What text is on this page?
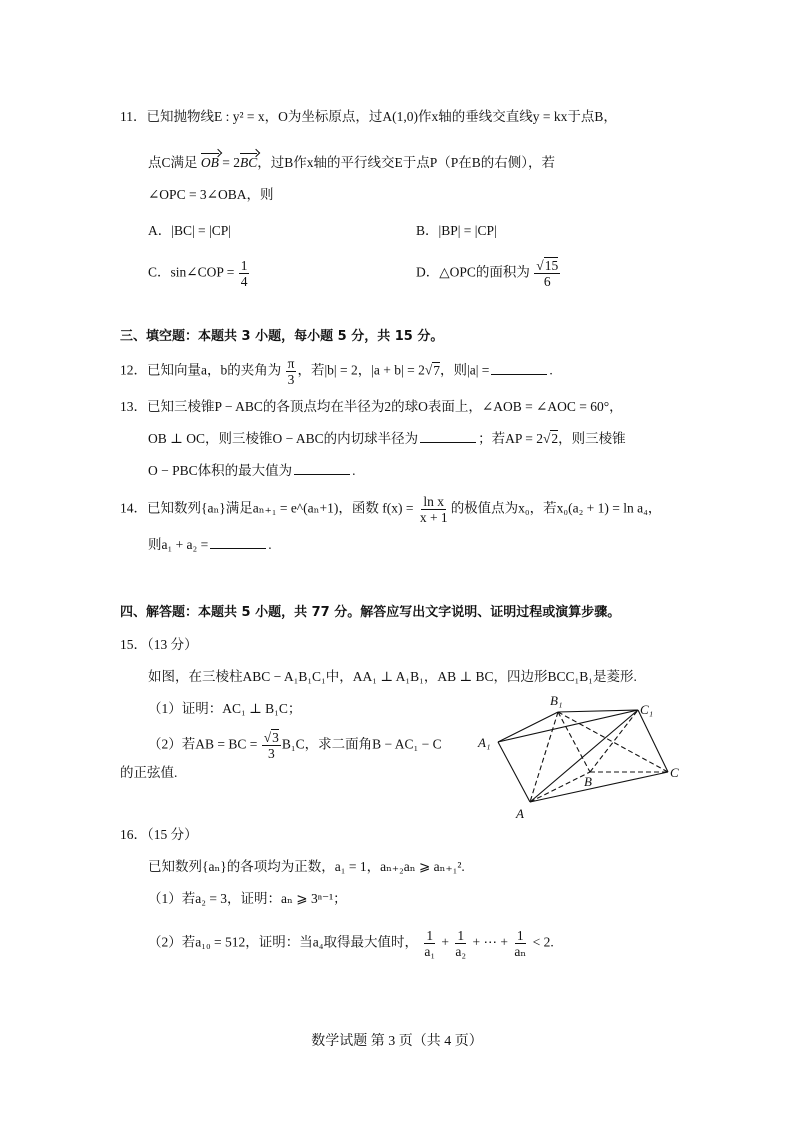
11．已知抛物线E : y² = x，O为坐标原点，过A(1,0)作x轴的垂线交直线y = kx于点B，
点C满足 OB = 2BC，过B作x轴的平行线交E于点P（P在B的右侧），若
∠OPC = 3∠OBA，则
A．|BC| = |CP|	B．|BP| = |CP|
C．sin∠COP = $\frac{1}{4}$	D．△OPC的面积为 $\frac{√15}{6}$
三、填空题：本题共 3 小题，每小题 5 分，共 15 分。
12．已知向量a，b的夹角为 $\frac{\pi}{3}$ ，若|b| = 2，|a + b| = 2√7，则|a| =	.
13．已知三棱锥P − ABC的各顶点均在半径为2的球O表面上，∠AOB = ∠AOC = 60°，
OB ⊥ OC，则三棱锥O − ABC的内切球半径为	；若AP = 2√2，则三棱锥
O − PBC体积的最大值为	.
14．已知数列{aₙ}满足aₙ₊₁ = e^(aₙ+1)，函数 $f(x) = \frac{\text{ln x}}{x + 1}$ 的极值点为x₀，若x₀(a₂ + 1) = ln a₄，
则a₁ + a₂ =	.
四、解答题：本题共 5 小题，共 77 分。解答应写出文字说明、证明过程或演算步骤。
15．（13 分）
如图，在三棱柱ABC − A₁B₁C₁中，AA₁ ⊥ A₁B₁，AB ⊥ BC，四边形BCC₁B₁是菱形.
（1）证明：AC₁ ⊥ B₁C；
（2）若AB = BC = $\frac{√3}{3} B_1C$，求二面角B − AC₁ − C
的正弦值.
A₁
B₁
C₁
B
C
A
16．（15 分）
已知数列{aₙ}的各项均为正数，a₁ = 1，aₙ₊₂aₙ ⩾ aₙ₊₁².
（1）若a₂ = 3，证明：aₙ ⩾ 3ⁿ⁻¹；
（2）若a₁₀ = 512，证明：当a₄取得最大值时， $\frac{1}{\text{a₁}} + \frac{1}{\text{a₂}}$ + ⋯ + $\frac{1}{\text{aₙ}} < 2$.
数学试题 第 3 页（共 4 页）
